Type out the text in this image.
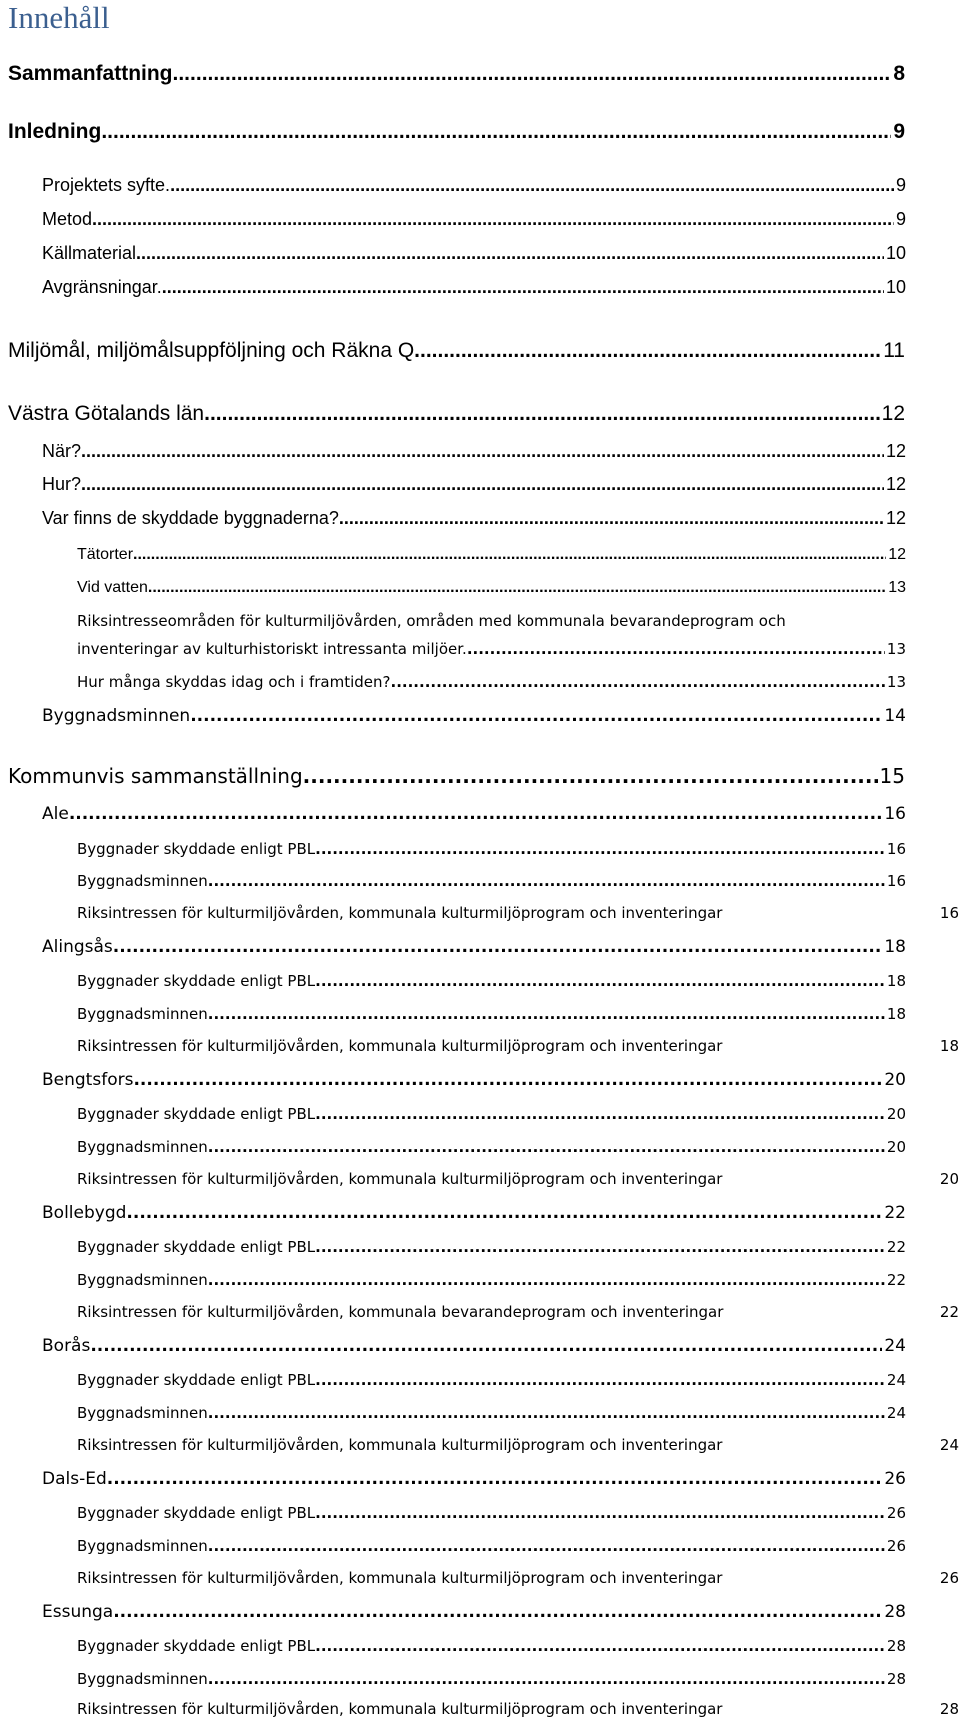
Innehåll
Sammanfattning .....	8
Inledning .....	9
Projektets syfte. .....	9
Metod .....	9
Källmaterial .....	10
Avgränsningar. .....	10
Miljömål, miljömålsuppföljning och Räkna Q .....	11
Västra Götalands län .....	12
När? .....	12
Hur? .....	12
Var finns de skyddade byggnaderna? .....	12
Tätorter .....	12
Vid vatten .....	13
Riksintresseområden för kulturmiljövården, områden med kommunala bevarandeprogram och
inventeringar av kulturhistoriskt intressanta miljöer. .....	13
Hur många skyddas idag och i framtiden? .....	13
Byggnadsminnen .....	14
Kommunvis sammanställning .....	15
Ale .....	16
Byggnader skyddade enligt PBL .....	16
Byggnadsminnen .....	16
Riksintressen för kulturmiljövården, kommunala kulturmiljöprogram och inventeringar	16
Alingsås .....	18
Byggnader skyddade enligt PBL .....	18
Byggnadsminnen .....	18
Riksintressen för kulturmiljövården, kommunala kulturmiljöprogram och inventeringar	18
Bengtsfors .....	20
Byggnader skyddade enligt PBL .....	20
Byggnadsminnen .....	20
Riksintressen för kulturmiljövården, kommunala kulturmiljöprogram och inventeringar	20
Bollebygd .....	22
Byggnader skyddade enligt PBL .....	22
Byggnadsminnen .....	22
Riksintressen för kulturmiljövården, kommunala bevarandeprogram och inventeringar	22
Borås .....	24
Byggnader skyddade enligt PBL .....	24
Byggnadsminnen .....	24
Riksintressen för kulturmiljövården, kommunala kulturmiljöprogram och inventeringar	24
Dals-Ed .....	26
Byggnader skyddade enligt PBL .....	26
Byggnadsminnen .....	26
Riksintressen för kulturmiljövården, kommunala kulturmiljöprogram och inventeringar	26
Essunga .....	28
Byggnader skyddade enligt PBL .....	28
Byggnadsminnen .....	28
Riksintressen för kulturmiljövården, kommunala kulturmiljöprogram och inventeringar	28
